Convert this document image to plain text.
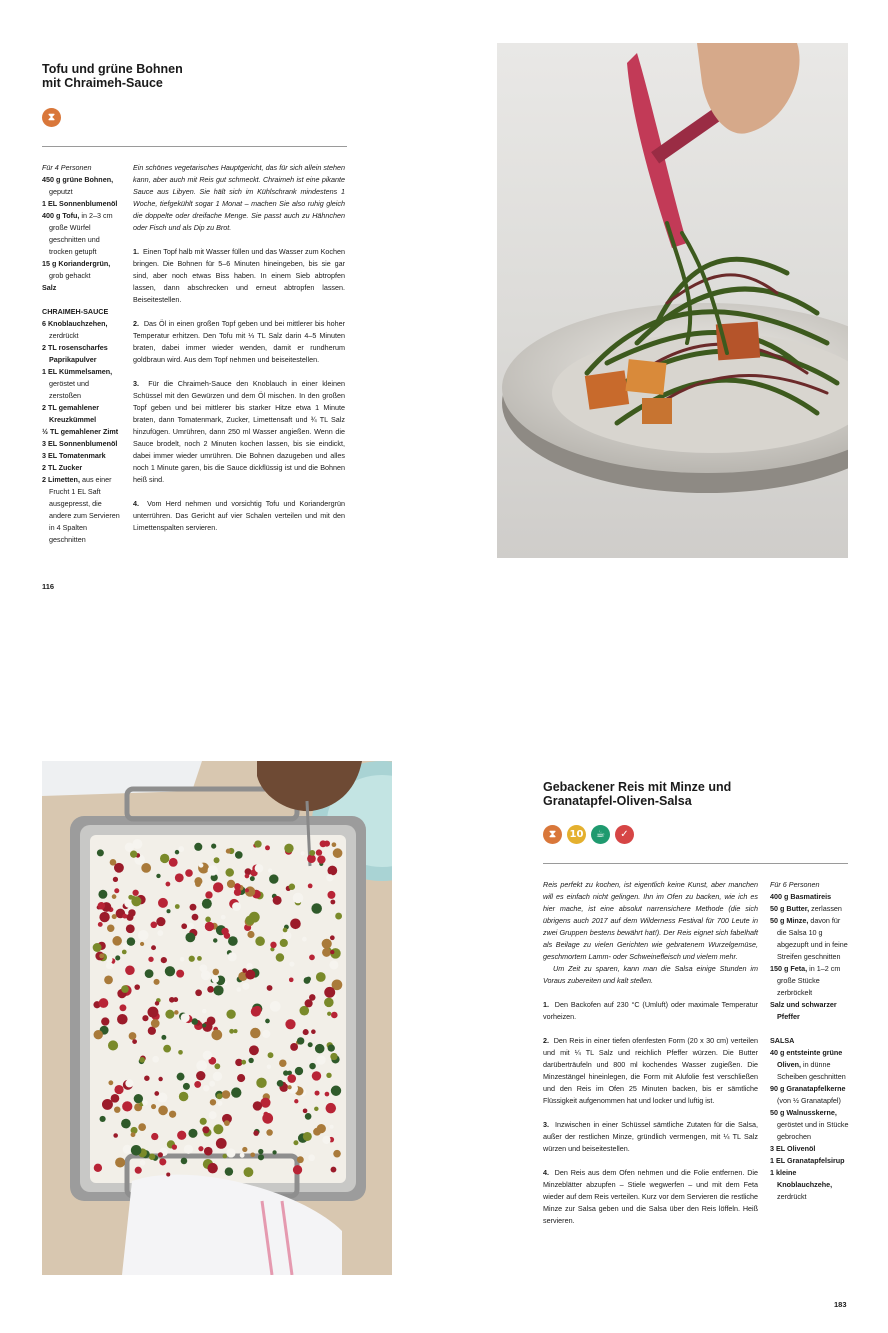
Tofu und grüne Bohnen
mit Chraimeh-Sauce
⧗
Für 4 Personen
450 g grüne Bohnen, geputzt
1 EL Sonnenblumenöl
400 g Tofu, in 2–3 cm große Würfel geschnitten und trocken getupft
15 g Koriandergrün, grob gehackt
Salz
CHRAIMEH-SAUCE
6 Knoblauchzehen, zerdrückt
2 TL rosenscharfes Paprikapulver
1 EL Kümmelsamen, geröstet und zerstoßen
2 TL gemahlener Kreuzkümmel
½ TL gemahlener Zimt
3 EL Sonnenblumenöl
3 EL Tomatenmark
2 TL Zucker
2 Limetten, aus einer Frucht 1 EL Saft ausgepresst, die andere zum Servieren in 4 Spalten geschnitten

Ein schönes vegetarisches Hauptgericht, das für sich allein stehen kann, aber auch mit Reis gut schmeckt. Chraimeh ist eine pikante Sauce aus Libyen. Sie hält sich im Kühlschrank mindestens 1 Woche, tiefgekühlt sogar 1 Monat – machen Sie also ruhig gleich die doppelte oder dreifache Menge. Sie passt auch zu Hähnchen oder Fisch und als Dip zu Brot.

1.  Einen Topf halb mit Wasser füllen und das Wasser zum Kochen bringen. Die Bohnen für 5–6 Minuten hineingeben, bis sie gar sind, aber noch etwas Biss haben. In einem Sieb abtropfen lassen, dann abschrecken und erneut abtropfen lassen. Beiseitestellen.

2.  Das Öl in einen großen Topf geben und bei mittlerer bis hoher Temperatur erhitzen. Den Tofu mit ⅓ TL Salz darin 4–5 Minuten braten, dabei immer wieder wenden, damit er rundherum goldbraun wird. Aus dem Topf nehmen und beiseitestellen.

3.  Für die Chraimeh-Sauce den Knoblauch in einer kleinen Schüssel mit den Gewürzen und dem Öl mischen. In den großen Topf geben und bei mittlerer bis starker Hitze etwa 1 Minute braten, dann Tomatenmark, Zucker, Limettensaft und ¾ TL Salz hinzufügen. Umrühren, dann 250 ml Wasser angießen. Wenn die Sauce brodelt, noch 2 Minuten kochen lassen, bis sie eindickt, dabei immer wieder umrühren. Die Bohnen dazugeben und alles noch 1 Minute garen, bis die Sauce dickflüssig ist und die Bohnen heiß sind.

4.  Vom Herd nehmen und vorsichtig Tofu und Koriandergrün unterrühren. Das Gericht auf vier Schalen verteilen und mit den Limettenspalten servieren.

116
Gebackener Reis mit Minze und
Granatapfel-Oliven-Salsa
⧗	10	☕	✓

Reis perfekt zu kochen, ist eigentlich keine Kunst, aber manchen will es einfach nicht gelingen. Ihn im Ofen zu backen, wie ich es hier mache, ist eine absolut narrensichere Methode (die sich übrigens auch 2017 auf dem Wilderness Festival für 700 Leute in zwei Gruppen bestens bewährt hat!). Der Reis eignet sich fabelhaft als Beilage zu vielen Gerichten wie gebratenem Wurzelgemüse, geschmortem Lamm- oder Schweinefleisch und vielem mehr.

Um Zeit zu sparen, kann man die Salsa einige Stunden im Voraus zubereiten und kalt stellen.

1.  Den Backofen auf 230 °C (Umluft) oder maximale Temperatur vorheizen.

2.  Den Reis in einer tiefen ofenfesten Form (20 x 30 cm) verteilen und mit ¼ TL Salz und reichlich Pfeffer würzen. Die Butter darüberträufeln und 800 ml kochendes Wasser zugießen. Die Minzestängel hineinlegen, die Form mit Alufolie fest verschließen und den Reis im Ofen 25 Minuten backen, bis er sämtliche Flüssigkeit aufgenommen hat und locker und luftig ist.

3.  Inzwischen in einer Schüssel sämtliche Zutaten für die Salsa, außer der restlichen Minze, gründlich vermengen, mit ¼ TL Salz würzen und beiseitestellen.

4.  Den Reis aus dem Ofen nehmen und die Folie entfernen. Die Minzeblätter abzupfen – Stiele wegwerfen – und mit dem Feta wieder auf dem Reis verteilen. Kurz vor dem Servieren die restliche Minze zur Salsa geben und die Salsa über den Reis löffeln. Heiß servieren.

Für 6 Personen
400 g Basmatireis
50 g Butter, zerlassen
50 g Minze, davon für die Salsa 10 g abgezupft und in feine Streifen geschnitten
150 g Feta, in 1–2 cm große Stücke zerbröckelt
Salz und schwarzer Pfeffer
SALSA
40 g entsteinte grüne Oliven, in dünne Scheiben geschnitten
90 g Granatapfelkerne (von ½ Granatapfel)
50 g Walnusskerne, geröstet und in Stücke gebrochen
3 EL Olivenöl
1 EL Granatapfelsirup
1 kleine Knoblauchzehe, zerdrückt
183
